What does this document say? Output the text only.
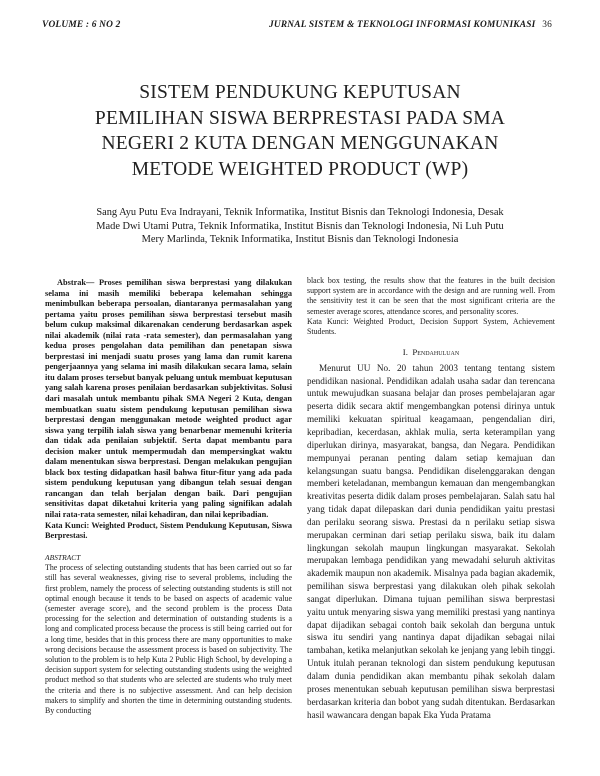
VOLUME : 6 NO 2	JURNAL SISTEM & TEKNOLOGI INFORMASI KOMUNIKASI 36
SISTEM PENDUKUNG KEPUTUSAN
PEMILIHAN SISWA BERPRESTASI PADA SMA
NEGERI 2 KUTA DENGAN MENGGUNAKAN
METODE WEIGHTED PRODUCT (WP)
Sang Ayu Putu Eva Indrayani, Teknik Informatika, Institut Bisnis dan Teknologi Indonesia, Desak
Made Dwi Utami Putra, Teknik Informatika, Institut Bisnis dan Teknologi Indonesia, Ni Luh Putu
Mery Marlinda, Teknik Informatika, Institut Bisnis dan Teknologi Indonesia

Abstrak— Proses pemilihan siswa berprestasi yang dilakukan selama ini masih memiliki beberapa kelemahan sehingga menimbulkan beberapa persoalan, diantaranya permasalahan yang pertama yaitu proses pemilihan siswa berprestasi tersebut masih belum cukup maksimal dikarenakan cenderung berdasarkan aspek nilai akademik (nilai rata -rata semester), dan permasalahan yang kedua proses pengolahan data pemilihan dan penetapan siswa berprestasi ini menjadi suatu proses yang lama dan rumit karena pengerjaannya yang selama ini masih dilakukan secara lama, selain itu dalam proses tersebut banyak peluang untuk membuat keputusan yang salah karena proses penilaian berdasarkan subjektivitas. Solusi dari masalah untuk membantu pihak SMA Negeri 2 Kuta, dengan membuatkan suatu sistem pendukung keputusan pemilihan siswa berprestasi dengan menggunakan metode weighted product agar siswa yang terpilih ialah siswa yang benarbenar memenuhi kriteria dan tidak ada penilaian subjektif. Serta dapat membantu para decision maker untuk mempermudah dan mempersingkat waktu dalam menentukan siswa berprestasi. Dengan melakukan pengujian black box testing didapatkan hasil bahwa fitur-fitur yang ada pada sistem pendukung keputusan yang dibangun telah sesuai dengan rancangan dan telah berjalan dengan baik. Dari pengujian sensitivitas dapat diketahui kriteria yang paling signifikan adalah nilai rata-rata semester, nilai kehadiran, dan nilai kepribadian.

Kata Kunci: Weighted Product, Sistem Pendukung Keputusan, Siswa Berprestasi.

ABSTRACT

The process of selecting outstanding students that has been carried out so far still has several weaknesses, giving rise to several problems, including the first problem, namely the process of selecting outstanding students is still not optimal enough because it tends to be based on aspects of academic value (semester average score), and the second problem is the process Data processing for the selection and determination of outstanding students is a long and complicated process because the process is still being carried out for a long time, besides that in this process there are many opportunities to make wrong decisions because the assessment process is based on subjectivity. The solution to the problem is to help Kuta 2 Public High School, by developing a decision support system for selecting outstanding students using the weighted product method so that students who are selected are students who truly meet the criteria and there is no subjective assessment. And can help decision makers to simplify and shorten the time in determining outstanding students. By conducting

black box testing, the results show that the features in the built decision support system are in accordance with the design and are running well. From the sensitivity test it can be seen that the most significant criteria are the semester average scores, attendance scores, and personality scores.

Kata Kunci: Weighted Product, Decision Support System, Achievement Students.

I. Pendahuluan

Menurut UU No. 20 tahun 2003 tentang tentang sistem pendidikan nasional. Pendidikan adalah usaha sadar dan terencana untuk mewujudkan suasana belajar dan proses pembelajaran agar peserta didik secara aktif mengembangkan potensi dirinya untuk memiliki kekuatan spiritual keagamaan, pengendalian diri, kepribadian, kecerdasan, akhlak mulia, serta keterampilan yang diperlukan dirinya, masyarakat, bangsa, dan Negara. Pendidikan mempunyai peranan penting dalam setiap kemajuan dan kelangsungan suatu bangsa. Pendidikan diselenggarakan dengan memberi keteladanan, membangun kemauan dan mengembangkan kreativitas peserta didik dalam proses pembelajaran. Salah satu hal yang tidak dapat dilepaskan dari dunia pendidikan yaitu prestasi dan perilaku seorang siswa. Prestasi da n perilaku setiap siswa merupakan cerminan dari setiap perilaku siswa, baik itu dalam lingkungan sekolah maupun lingkungan masyarakat. Sekolah merupakan lembaga pendidikan yang mewadahi seluruh aktivitas akademik maupun non akademik. Misalnya pada bagian akademik, pemilihan siswa berprestasi yang dilakukan oleh pihak sekolah sangat diperlukan. Dimana tujuan pemilihan siswa berprestasi yaitu untuk menyaring siswa yang memiliki prestasi yang nantinya dapat dijadikan sebagai contoh baik sekolah dan berguna untuk siswa itu sendiri yang nantinya dapat dijadikan sebagai nilai tambahan, ketika melanjutkan sekolah ke jenjang yang lebih tinggi. Untuk itulah peranan teknologi dan sistem pendukung keputusan dalam dunia pendidikan akan membantu pihak sekolah dalam proses menentukan sebuah keputusan pemilihan siswa berprestasi berdasarkan kriteria dan bobot yang sudah ditentukan. Berdasarkan hasil wawancara dengan bapak Eka Yuda Pratama
